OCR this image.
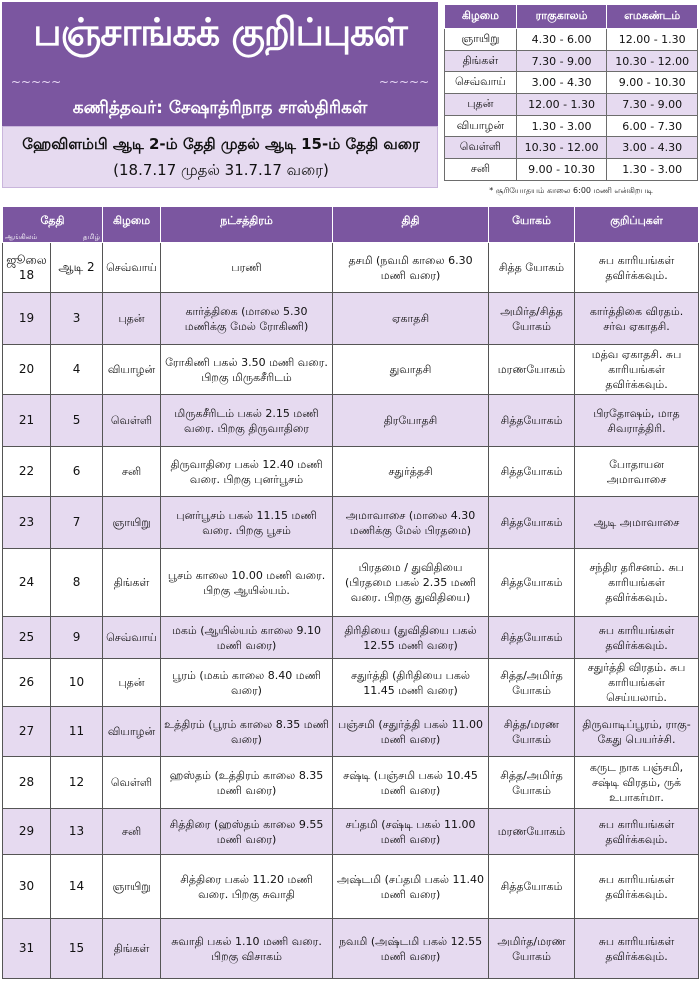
பஞ்சாங்கக் குறிப்புகள்
~~~~~	~~~~~
கணித்தவர்: சேஷாத்ரிநாத சாஸ்திரிகள்
ஹேவிளம்பி ஆடி 2-ம் தேதி முதல் ஆடி 15-ம் தேதி வரை
(18.7.17 முதல் 31.7.17 வரை)
கிழமை	ராகுகாலம்	எமகண்டம்
ஞாயிறு	4.30 - 6.00	12.00 - 1.30
திங்கள்	7.30 - 9.00	10.30 - 12.00
செவ்வாய்	3.00 - 4.30	9.00 - 10.30
புதன்	12.00 - 1.30	7.30 - 9.00
வியாழன்	1.30 - 3.00	6.00 - 7.30
வெள்ளி	10.30 - 12.00	3.00 - 4.30
சனி	9.00 - 10.30	1.30 - 3.00
* சூரியோதயம் காலை 6:00 மணி என்கிறபடி
தேதி
ஆங்கிலம் தமிழ்		கிழமை	நட்சத்திரம்	திதி	யோகம்	குறிப்புகள்
ஜூலை 18	ஆடி 2	செவ்வாய்	பரணி	தசமி (நவமி காலை 6.30 மணி வரை)	சித்த யோகம்	சுப காரியங்கள் தவிர்க்கவும்.
19	3	புதன்	கார்த்திகை (மாலை 5.30 மணிக்கு மேல் ரோகிணி)	ஏகாதசி	அமிர்த/சித்த யோகம்	கார்த்திகை விரதம். சர்வ ஏகாதசி.
20	4	வியாழன்	ரோகிணி பகல் 3.50 மணி வரை. பிறகு மிருகசீரிடம்	துவாதசி	மரணயோகம்	மத்வ ஏகாதசி. சுப காரியங்கள் தவிர்க்கவும்.
21	5	வெள்ளி	மிருகசீரிடம் பகல் 2.15 மணி வரை. பிறகு திருவாதிரை	திரயோதசி	சித்தயோகம்	பிரதோஷம், மாத சிவராத்திரி.
22	6	சனி	திருவாதிரை பகல் 12.40 மணி வரை. பிறகு புனர்பூசம்	சதுர்த்தசி	சித்தயோகம்	போதாயன அமாவாசை
23	7	ஞாயிறு	புனர்பூசம் பகல் 11.15 மணி வரை. பிறகு பூசம்	அமாவாசை (மாலை 4.30 மணிக்கு மேல் பிரதமை)	சித்தயோகம்	ஆடி அமாவாசை
24	8	திங்கள்	பூசம் காலை 10.00 மணி வரை. பிறகு ஆயில்யம்.	பிரதமை / துவிதியை (பிரதமை பகல் 2.35 மணி வரை. பிறகு துவிதியை)	சித்தயோகம்	சந்திர தரிசனம். சுப காரியங்கள் தவிர்க்கவும்.
25	9	செவ்வாய்	மகம் (ஆயில்யம் காலை 9.10 மணி வரை)	திரிதியை (துவிதியை பகல் 12.55 மணி வரை)	சித்தயோகம்	சுப காரியங்கள் தவிர்க்கவும்.
26	10	புதன்	பூரம் (மகம் காலை 8.40 மணி வரை)	சதுர்த்தி (திரிதியை பகல் 11.45 மணி வரை)	சித்த/அமிர்த யோகம்	சதுர்த்தி விரதம். சுப காரியங்கள் செய்யலாம்.
27	11	வியாழன்	உத்திரம் (பூரம் காலை 8.35 மணி வரை)	பஞ்சமி (சதுர்த்தி பகல் 11.00 மணி வரை)	சித்த/மரண யோகம்	திருவாடிப்பூரம், ராகு-கேது பெயர்ச்சி.
28	12	வெள்ளி	ஹஸ்தம் (உத்திரம் காலை 8.35 மணி வரை)	சஷ்டி (பஞ்சமி பகல் 10.45 மணி வரை)	சித்த/அமிர்த யோகம்	கருட நாக பஞ்சமி, சஷ்டி விரதம், ருக் உபாகர்மா.
29	13	சனி	சித்திரை (ஹஸ்தம் காலை 9.55 மணி வரை)	சப்தமி (சஷ்டி பகல் 11.00 மணி வரை)	மரணயோகம்	சுப காரியங்கள் தவிர்க்கவும்.
30	14	ஞாயிறு	சித்திரை பகல் 11.20 மணி வரை. பிறகு சுவாதி	அஷ்டமி (சப்தமி பகல் 11.40 மணி வரை)	சித்தயோகம்	சுப காரியங்கள் தவிர்க்கவும்.
31	15	திங்கள்	சுவாதி பகல் 1.10 மணி வரை. பிறகு விசாகம்	நவமி (அஷ்டமி பகல் 12.55 மணி வரை)	அமிர்த/மரண யோகம்	சுப காரியங்கள் தவிர்க்கவும்.
